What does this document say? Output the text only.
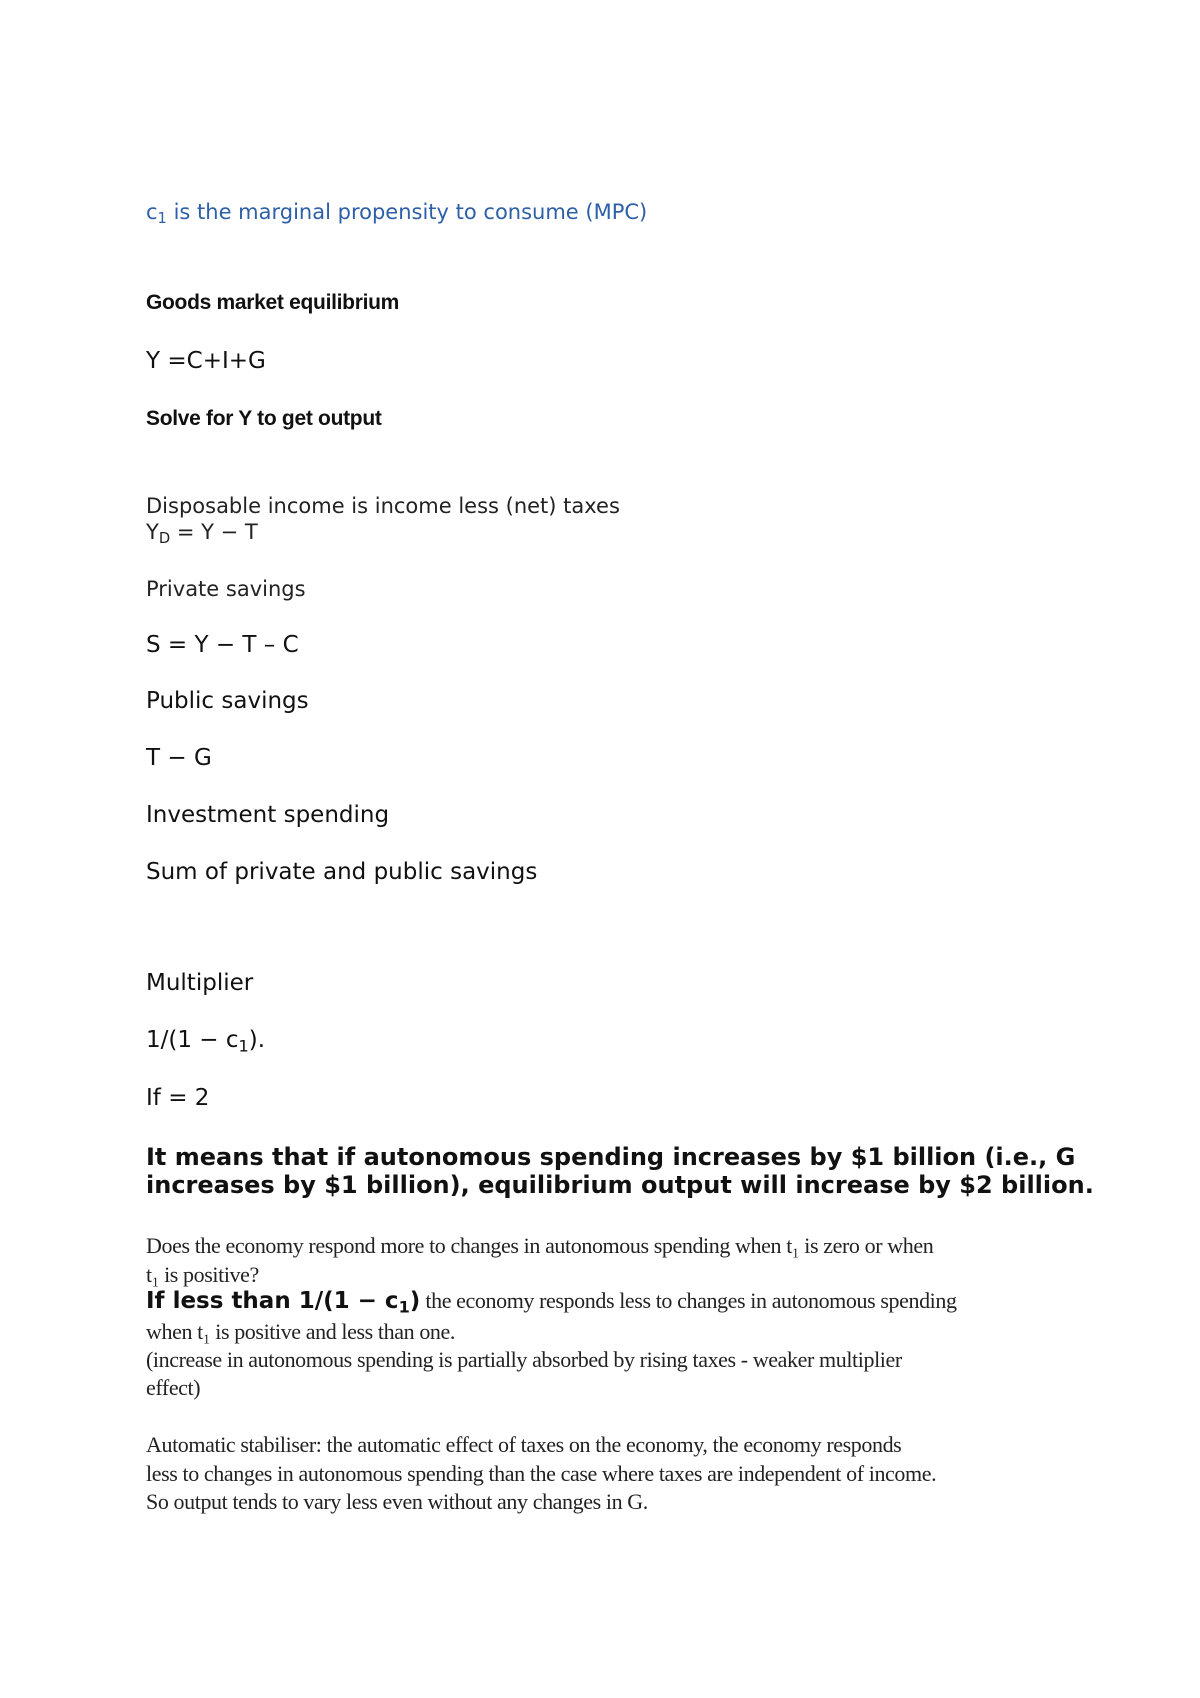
$c_1$ is the marginal propensity to consume (MPC)

Goods market equilibrium

Y =C+I+G

Solve for Y to get output

Disposable income is income less (net) taxes

$Y_D = Y - T$

Private savings

S = Y − T – C

Public savings

T − G

Investment spending

Sum of private and public savings

Multiplier

$1/(1 - c_1)$.

If = 2

It means that if autonomous spending increases by $1 billion (i.e., G

increases by $1 billion), equilibrium output will increase by $2 billion.

Does the economy respond more to changes in autonomous spending when t₁ is zero or when

t₁ is positive?

If less than $1/(1 - c_1)$ the economy responds less to changes in autonomous spending

when t₁ is positive and less than one.

(increase in autonomous spending is partially absorbed by rising taxes - weaker multiplier

effect)

Automatic stabiliser: the automatic effect of taxes on the economy, the economy responds

less to changes in autonomous spending than the case where taxes are independent of income.

So output tends to vary less even without any changes in G.
